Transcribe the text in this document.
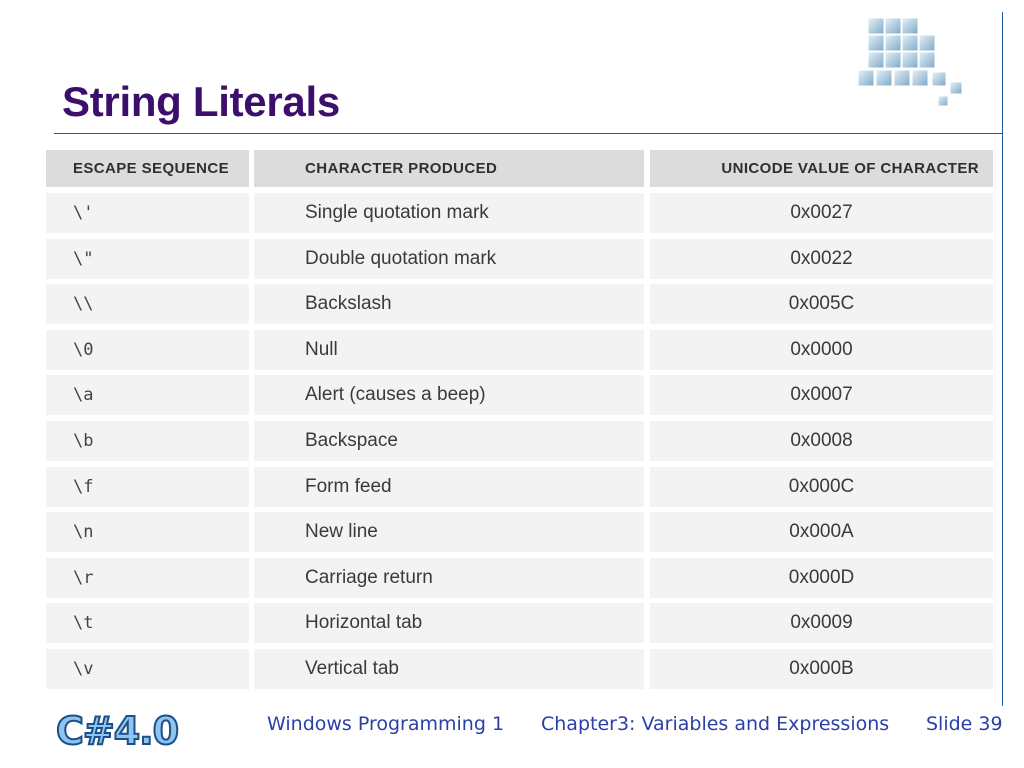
String Literals
ESCAPE SEQUENCE	CHARACTER PRODUCED	UNICODE VALUE OF CHARACTER
\'	Single quotation mark	0x0027
\"	Double quotation mark	0x0022
\\	Backslash	0x005C
\0	Null	0x0000
\a	Alert (causes a beep)	0x0007
\b	Backspace	0x0008
\f	Form feed	0x000C
\n	New line	0x000A
\r	Carriage return	0x000D
\t	Horizontal tab	0x0009
\v	Vertical tab	0x000B
C#4.0	Windows Programming 1 Chapter3: Variables and Expressions Slide 39
